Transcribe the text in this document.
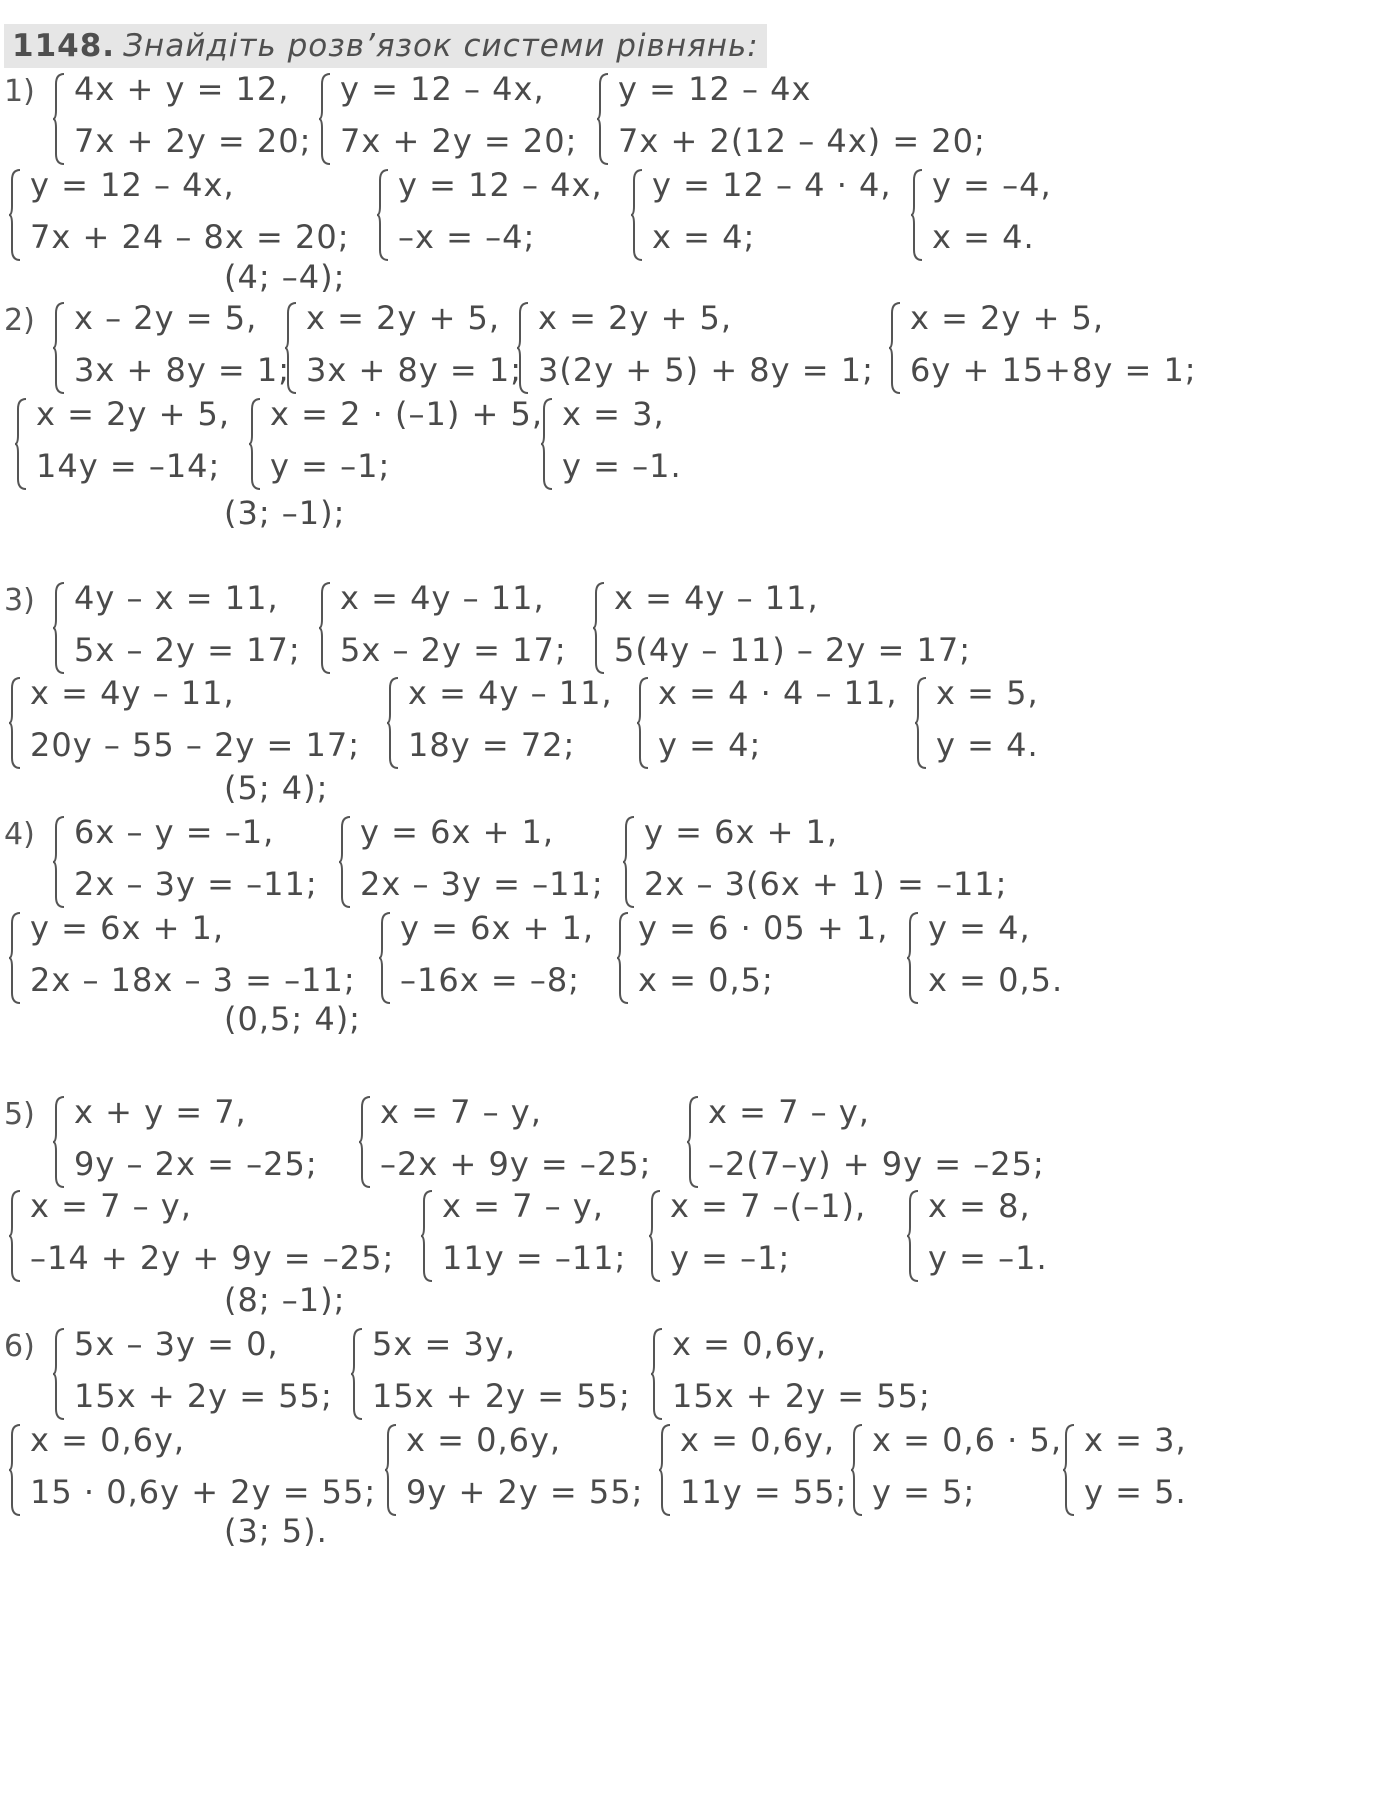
1148. Знайдіть розв’язок системи рівнянь:
1) 4x + y = 12,
7x + 2y = 20;
y = 12 – 4x,
7x + 2y = 20;
y = 12 – 4x
7x + 2(12 – 4x) = 20;
y = 12 – 4x,
7x + 24 – 8x = 20;
y = 12 – 4x,
–x = –4;
y = 12 – 4 · 4,
x = 4;
y = –4,
x = 4.
(4; –4);
2) x – 2y = 5,
3x + 8y = 1;
x = 2y + 5,
3x + 8y = 1;
x = 2y + 5,
3(2y + 5) + 8y = 1;
x = 2y + 5,
6y + 15+8y = 1;
x = 2y + 5,
14y = –14;
x = 2 · (–1) + 5,
y = –1;
x = 3,
y = –1.
(3; –1);
3) 4y – x = 11,
5x – 2y = 17;
x = 4y – 11,
5x – 2y = 17;
x = 4y – 11,
5(4y – 11) – 2y = 17;
x = 4y – 11,
20y – 55 – 2y = 17;
x = 4y – 11,
18y = 72;
x = 4 · 4 – 11,
y = 4;
x = 5,
y = 4.
(5; 4);
4) 6x – y = –1,
2x – 3y = –11;
y = 6x + 1,
2x – 3y = –11;
y = 6x + 1,
2x – 3(6x + 1) = –11;
y = 6x + 1,
2x – 18x – 3 = –11;
y = 6x + 1,
–16x = –8;
y = 6 · 05 + 1,
x = 0,5;
y = 4,
x = 0,5.
(0,5; 4);
5) x + y = 7,
9y – 2x = –25;
x = 7 – y,
–2x + 9y = –25;
x = 7 – y,
–2(7–y) + 9y = –25;
x = 7 – y,
–14 + 2y + 9y = –25;
x = 7 – y,
11y = –11;
x = 7 –(–1),
y = –1;
x = 8,
y = –1.
(8; –1);
6) 5x – 3y = 0,
15x + 2y = 55;
5x = 3y,
15x + 2y = 55;
x = 0,6y,
15x + 2y = 55;
x = 0,6y,
15 · 0,6y + 2y = 55;
x = 0,6y,
9y + 2y = 55;
x = 0,6y,
11y = 55;
x = 0,6 · 5,
y = 5;
x = 3,
y = 5.
(3; 5).
